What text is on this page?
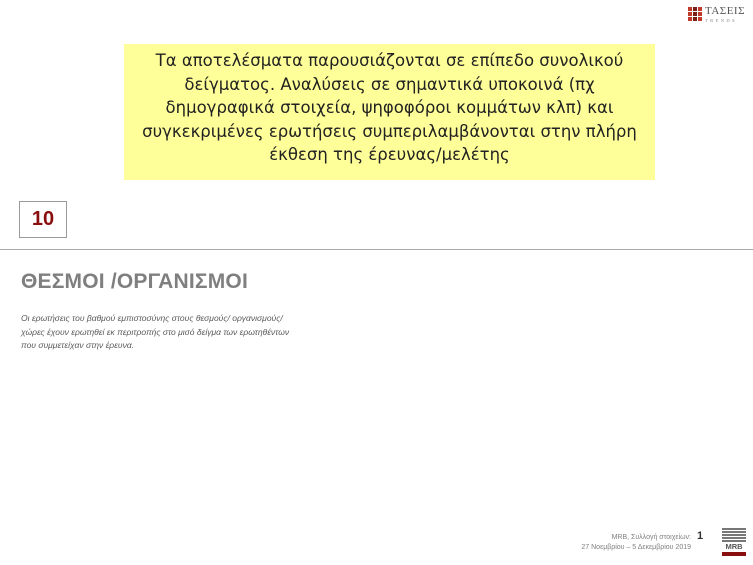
ΤΑΣΕΙΣ
TRENDS
Τα αποτελέσματα παρουσιάζονται σε επίπεδο συνολικού δείγματος. Αναλύσεις σε σημαντικά υποκοινά (πχ δημογραφικά στοιχεία, ψηφοφόροι κομμάτων κλπ) και συγκεκριμένες ερωτήσεις συμπεριλαμβάνονται στην πλήρη έκθεση της έρευνας/μελέτης
10
ΘΕΣΜΟΙ /ΟΡΓΑΝΙΣΜΟΙ
Οι ερωτήσεις του βαθμού εμπιστοσύνης στους θεσμούς/ οργανισμούς/ χώρες έχουν ερωτηθεί εκ περιτροπής στο μισό δείγμα των ερωτηθέντων που συμμετείχαν στην έρευνα.
MRB, Συλλογή στοιχείων:
27 Νοεμβρίου – 5 Δεκεμβρίου 2019
1
MRB
